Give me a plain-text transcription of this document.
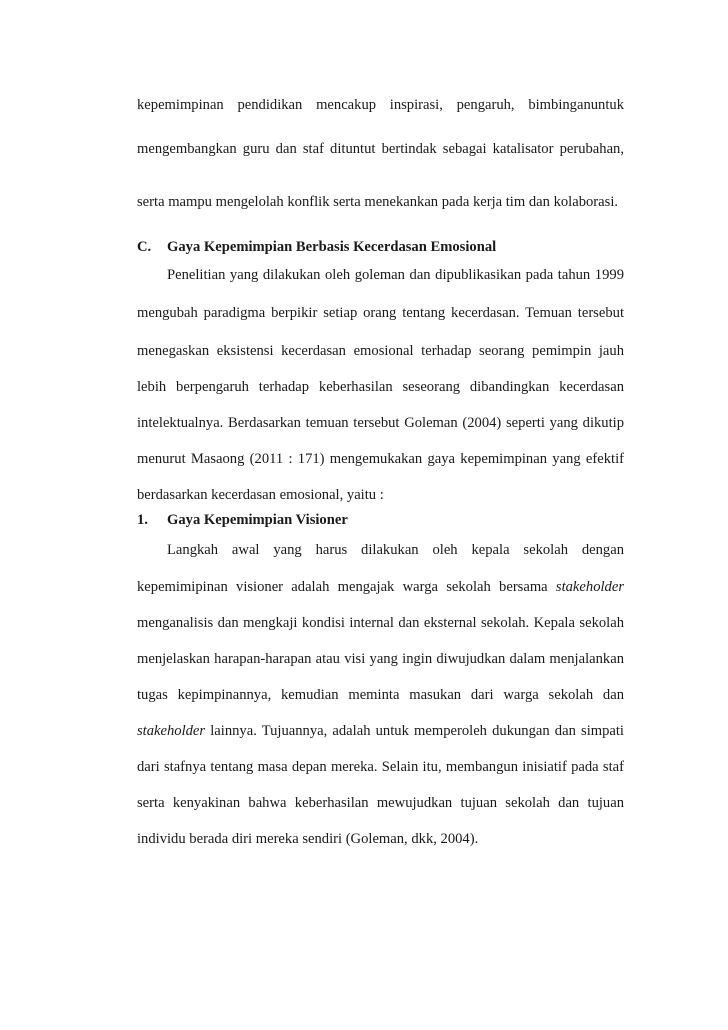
kepemimpinan pendidikan mencakup inspirasi, pengaruh, bimbinganuntuk
mengembangkan guru dan staf dituntut bertindak sebagai katalisator perubahan,
serta mampu mengelolah konflik serta menekankan pada kerja tim dan kolaborasi.
C. Gaya Kepemimpian Berbasis Kecerdasan Emosional
Penelitian yang dilakukan oleh goleman dan dipublikasikan pada tahun 1999
mengubah paradigma berpikir setiap orang tentang kecerdasan. Temuan tersebut
menegaskan eksistensi kecerdasan emosional terhadap seorang pemimpin jauh
lebih berpengaruh terhadap keberhasilan seseorang dibandingkan kecerdasan
intelektualnya. Berdasarkan temuan tersebut Goleman (2004) seperti yang dikutip
menurut Masaong (2011 : 171) mengemukakan gaya kepemimpinan yang efektif
berdasarkan kecerdasan emosional, yaitu :
1. Gaya Kepemimpian Visioner
Langkah awal yang harus dilakukan oleh kepala sekolah dengan
kepemimipinan visioner adalah mengajak warga sekolah bersama stakeholder
menganalisis dan mengkaji kondisi internal dan eksternal sekolah. Kepala sekolah
menjelaskan harapan-harapan atau visi yang ingin diwujudkan dalam menjalankan
tugas kepimpinannya, kemudian meminta masukan dari warga sekolah dan
stakeholder lainnya. Tujuannya, adalah untuk memperoleh dukungan dan simpati
dari stafnya tentang masa depan mereka. Selain itu, membangun inisiatif pada staf
serta kenyakinan bahwa keberhasilan mewujudkan tujuan sekolah dan tujuan
individu berada diri mereka sendiri (Goleman, dkk, 2004).
